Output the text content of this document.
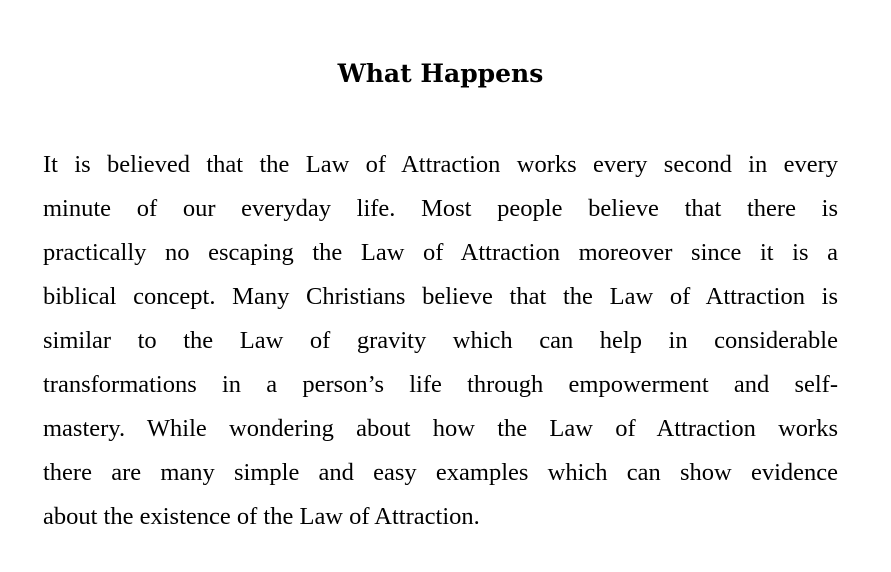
What Happens
It is believed that the Law of Attraction works every second in every
minute of our everyday life. Most people believe that there is
practically no escaping the Law of Attraction moreover since it is a
biblical concept. Many Christians believe that the Law of Attraction is
similar to the Law of gravity which can help in considerable
transformations in a person’s life through empowerment and self-
mastery. While wondering about how the Law of Attraction works
there are many simple and easy examples which can show evidence
about the existence of the Law of Attraction.
